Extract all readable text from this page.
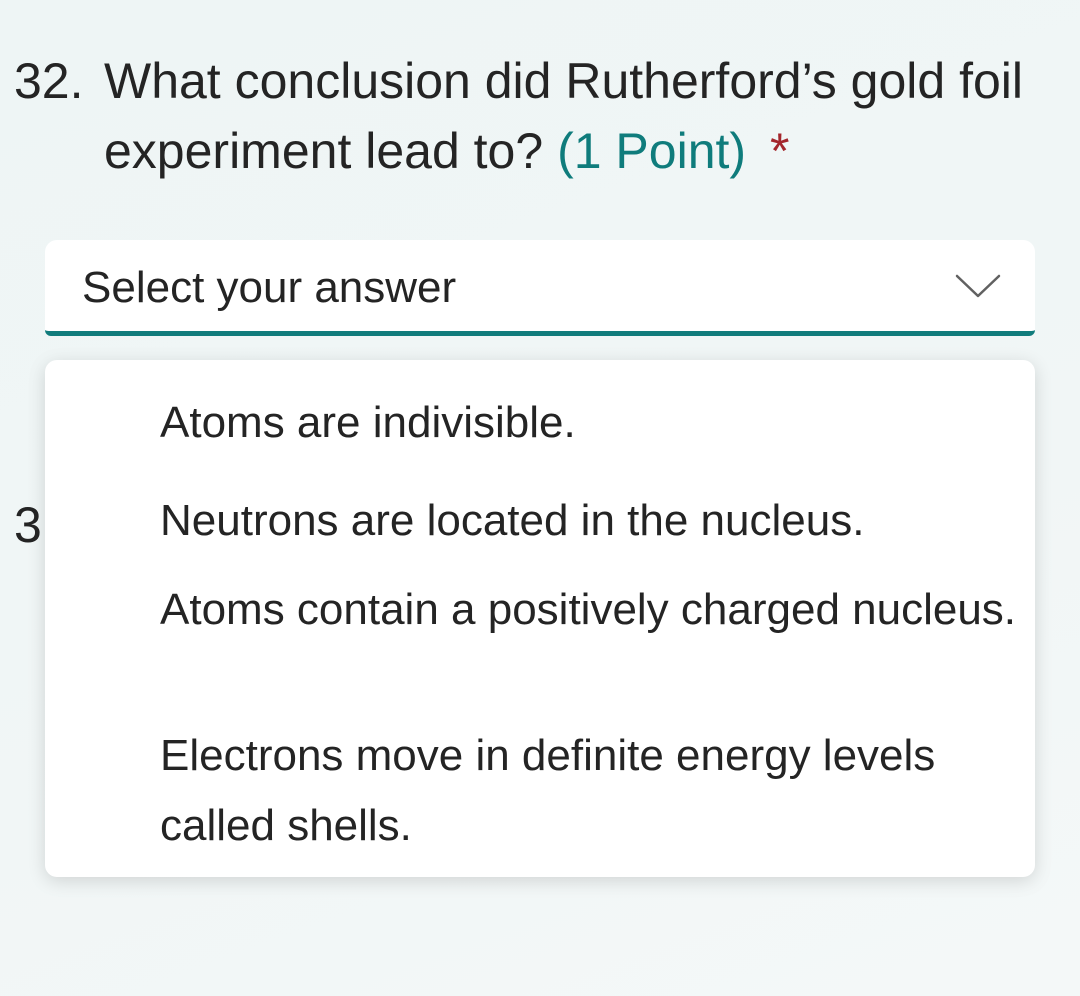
32. What conclusion did Rutherford’s gold foil experiment lead to? (1 Point) *
Select your answer
3
Atoms are indivisible.
Neutrons are located in the nucleus.
Atoms contain a positively charged nucleus.
Electrons move in definite energy levels called shells.
